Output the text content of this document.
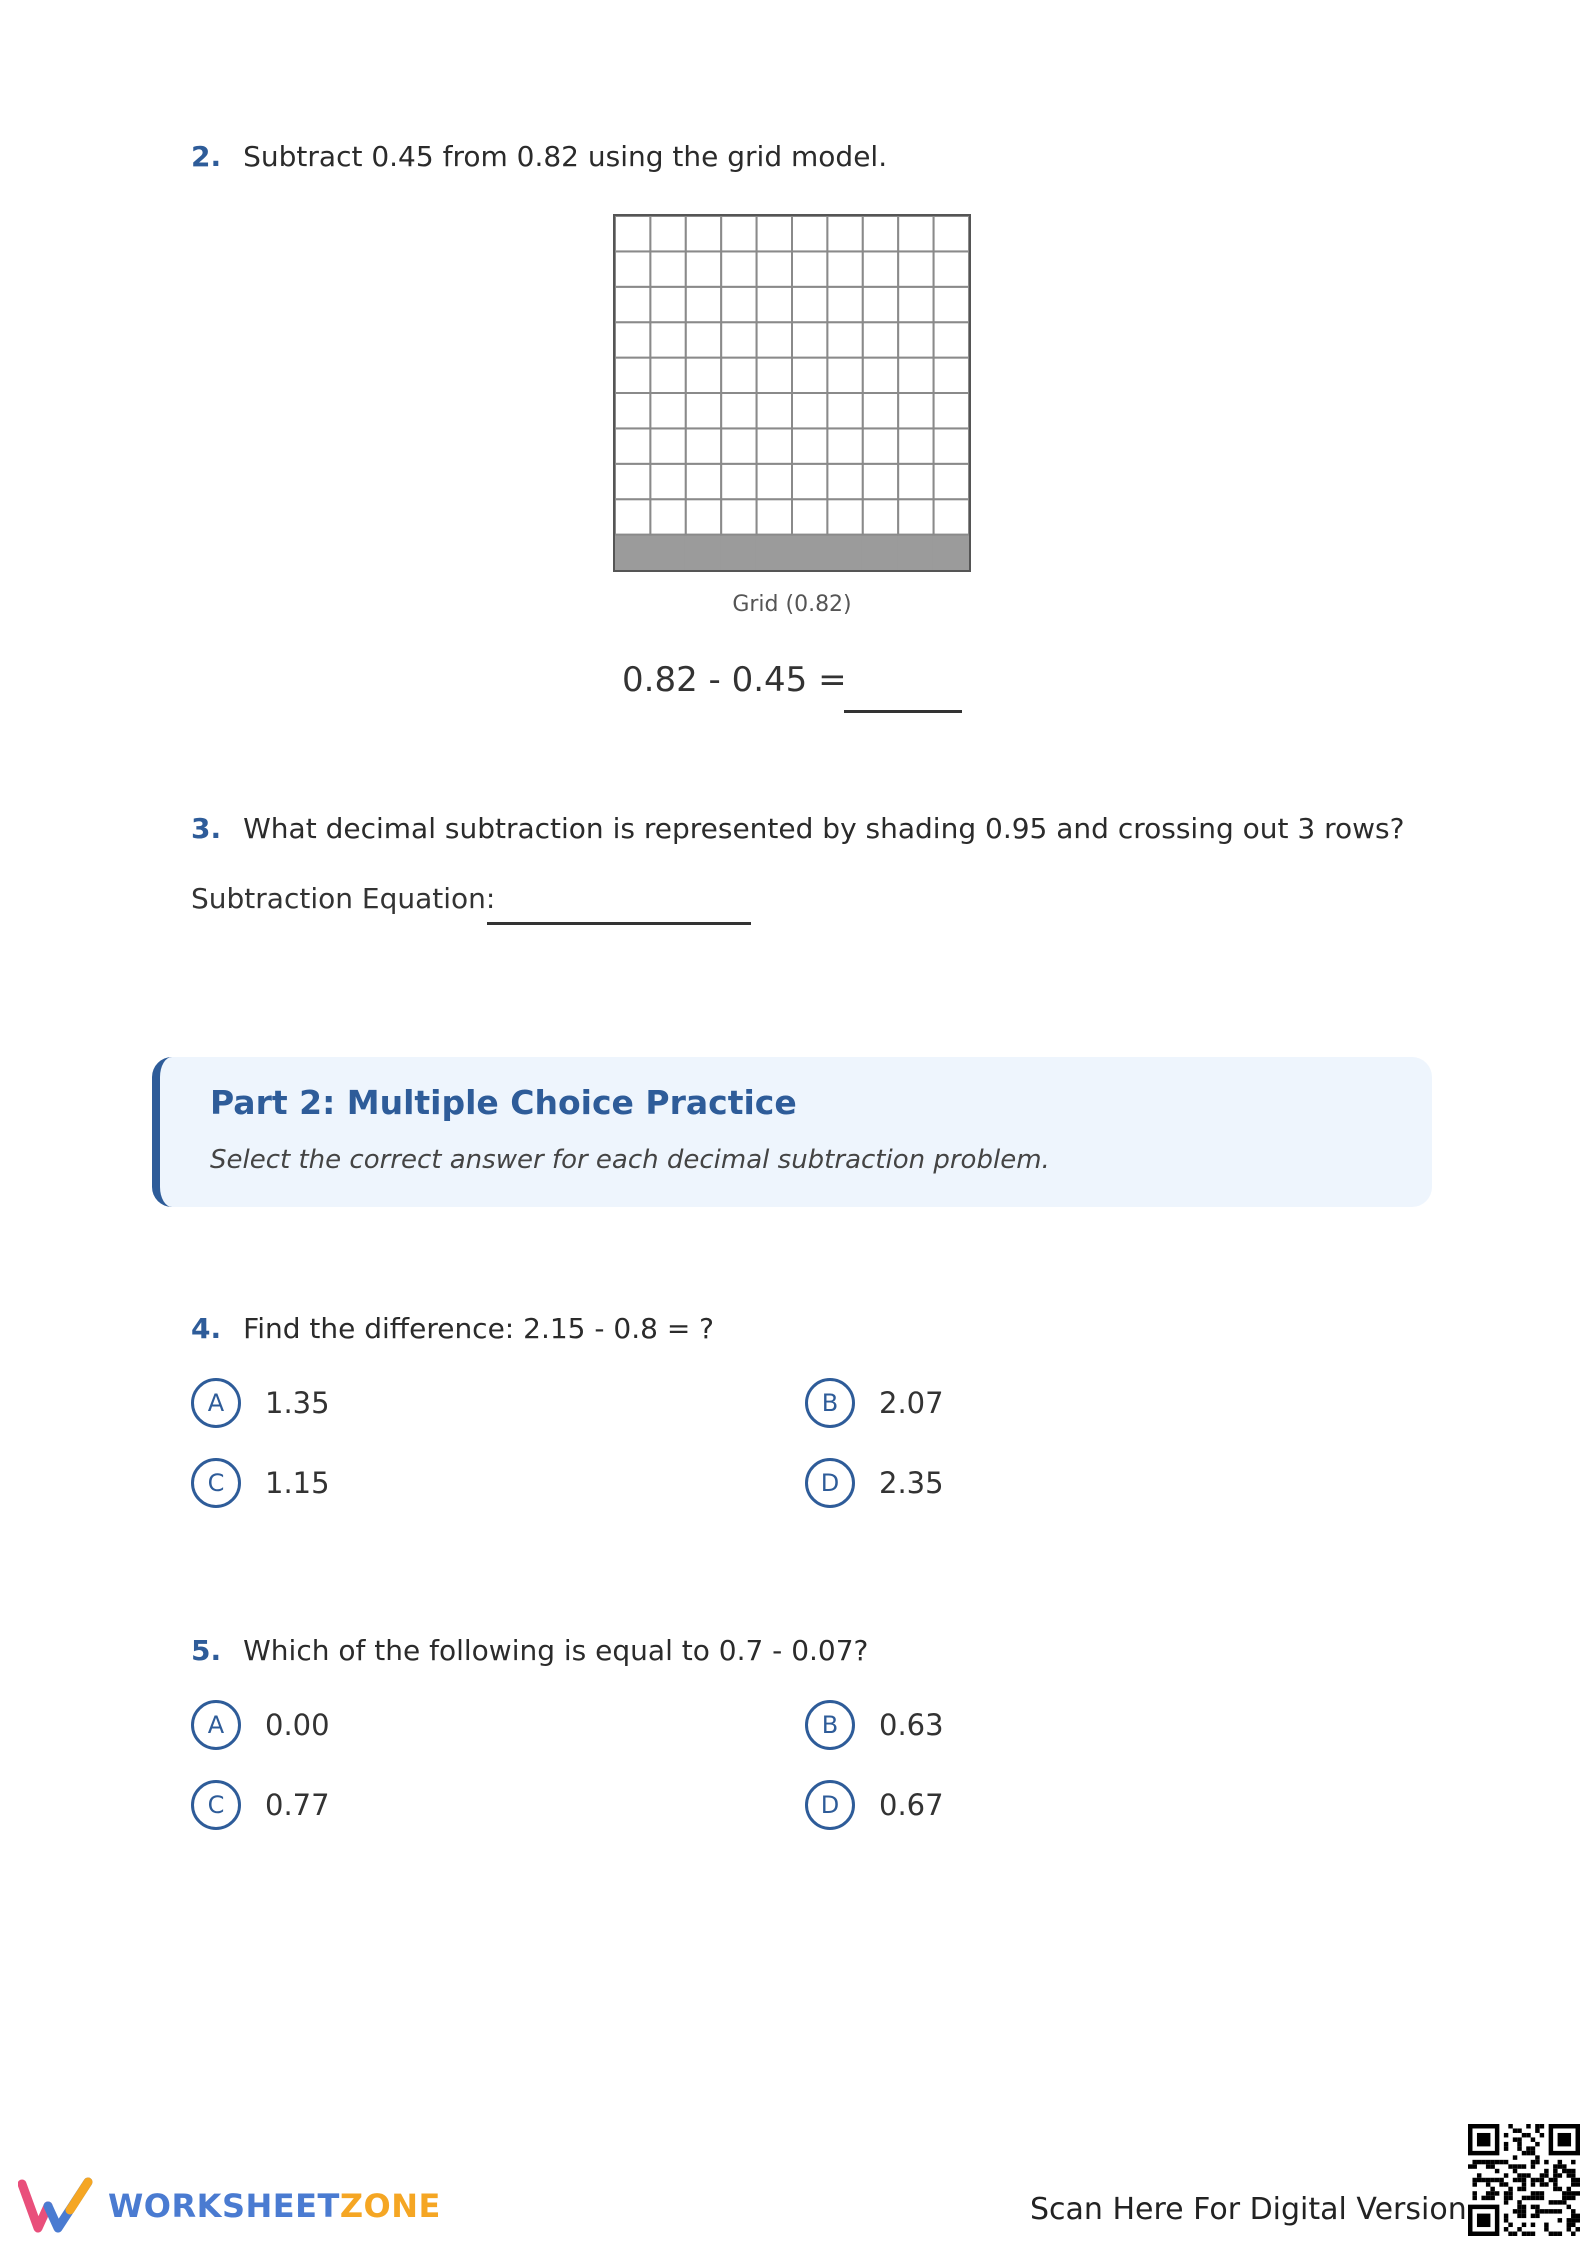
2. Subtract 0.45 from 0.82 using the grid model.
Grid (0.82)
0.82 - 0.45 =
3. What decimal subtraction is represented by shading 0.95 and crossing out 3 rows?
Subtraction Equation:
Part 2: Multiple Choice Practice
Select the correct answer for each decimal subtraction problem.
4. Find the difference: 2.15 - 0.8 = ?
A	1.35	B	2.07
C	1.15	D	2.35
5. Which of the following is equal to 0.7 - 0.07?
A	0.00	B	0.63
C	0.77	D	0.67
WORKSHEETZONE	Scan Here For Digital Version
